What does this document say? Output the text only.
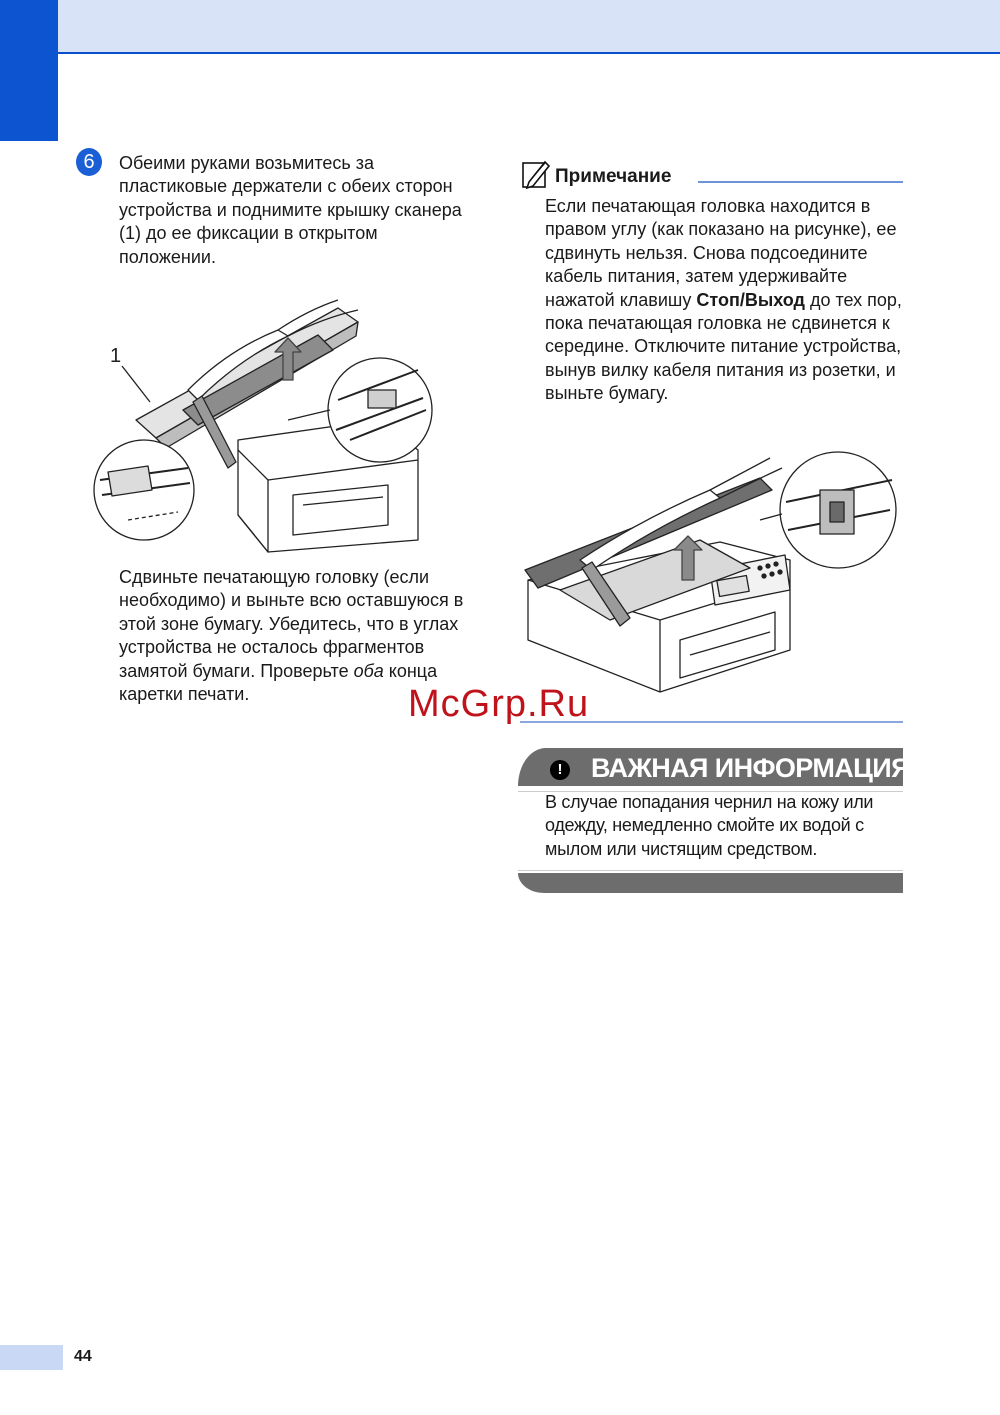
6	Обеими руками возьмитесь за пластиковые держатели с обеих сторон устройства и поднимите крышку сканера (1) до ее фиксации в открытом положении.

1

Сдвиньте печатающую головку (если необходимо) и выньте всю оставшуюся в этой зоне бумагу. Убедитесь, что в углах устройства не осталось фрагментов замятой бумаги. Проверьте оба конца каретки печати.

Примечание

Если печатающая головка находится в правом углу (как показано на рисунке), ее сдвинуть нельзя. Снова подсоедините кабель питания, затем удерживайте нажатой клавишу Стоп/Выход до тех пор, пока печатающая головка не сдвинется к середине. Отключите питание устройства, вынув вилку кабеля питания из розетки, и выньте бумагу.

McGrp.Ru
! ВАЖНАЯ ИНФОРМАЦИЯ

В случае попадания чернил на кожу или одежду, немедленно смойте их водой с мылом или чистящим средством.

44
